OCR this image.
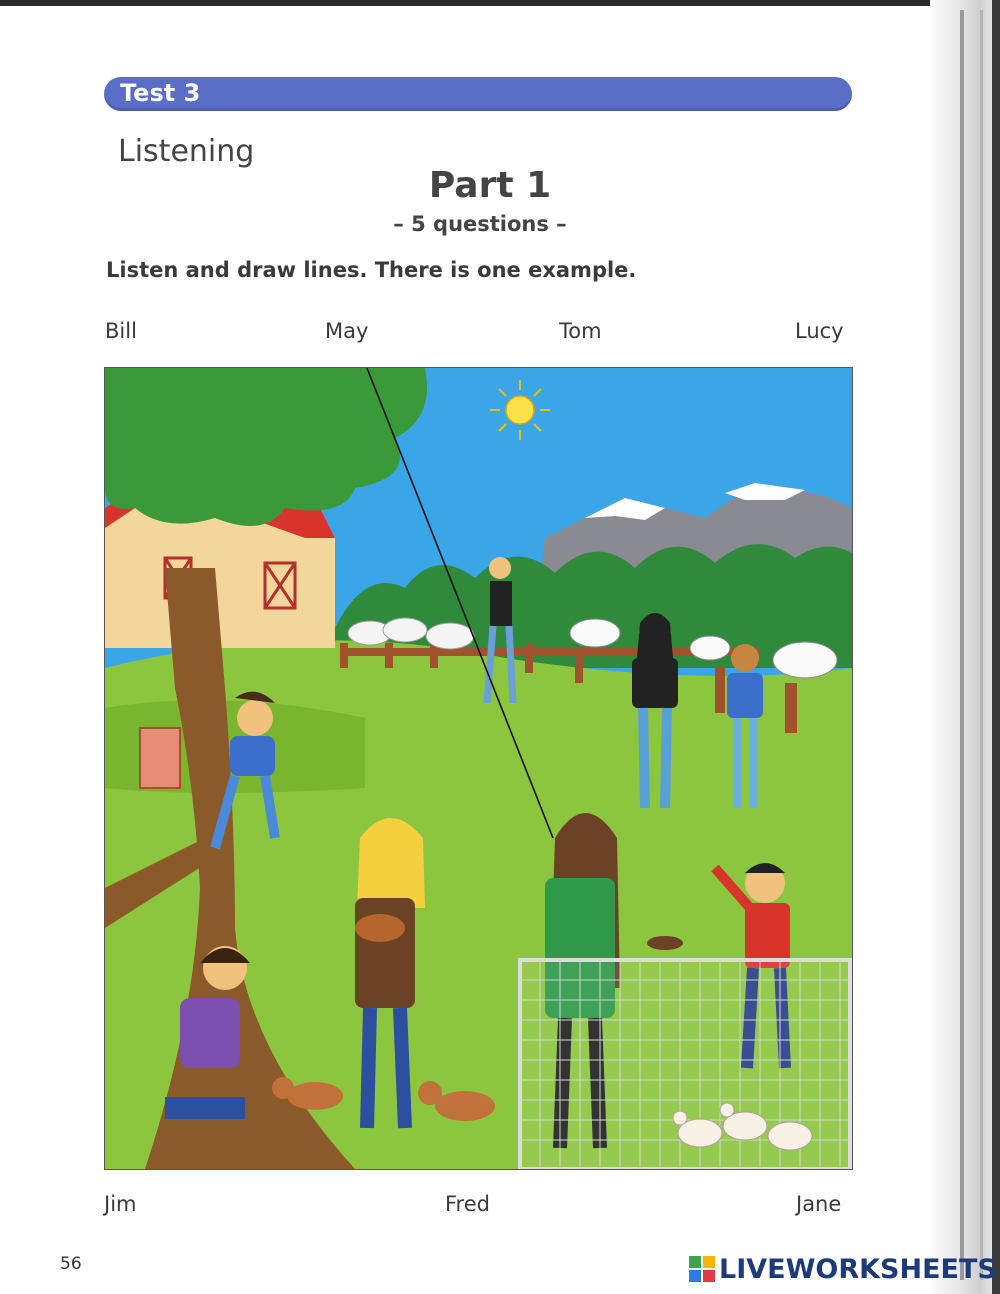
Test 3
Listening
Part 1
– 5 questions –
Listen and draw lines. There is one example.
Bill	May	Tom	Lucy
Jim	Fred	Jane
56	LIVEWORKSHEETS
